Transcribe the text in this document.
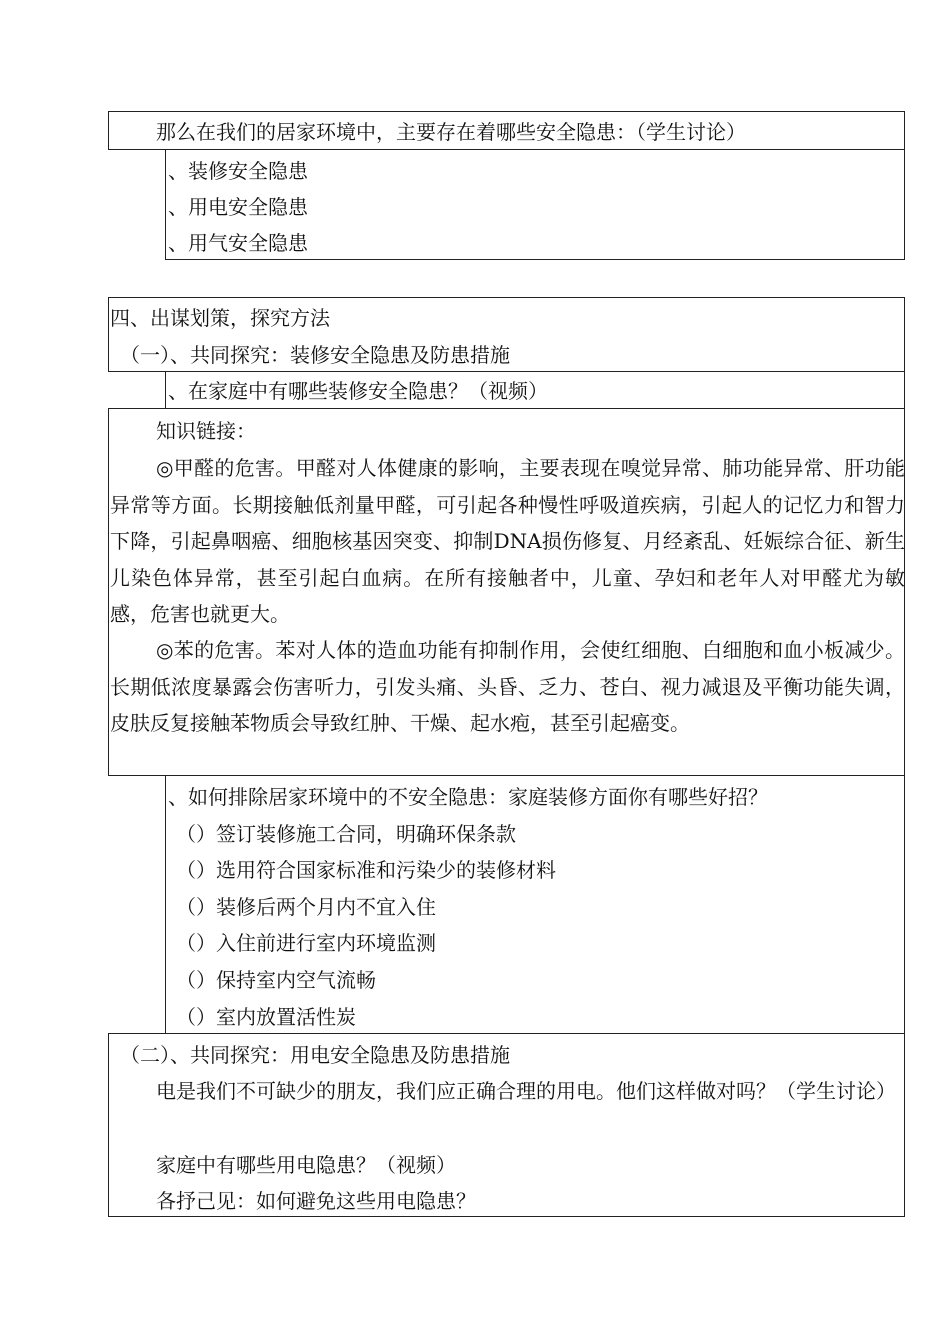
那么在我们的居家环境中，主要存在着哪些安全隐患：（学生讨论）
、装修安全隐患
、用电安全隐患
、用气安全隐患
四、出谋划策，探究方法
（一）、共同探究：装修安全隐患及防患措施
、在家庭中有哪些装修安全隐患？（视频）
知识链接：
◎甲醛的危害。甲醛对人体健康的影响，主要表现在嗅觉异常、肺功能异常、肝功能异常等方面。长期接触低剂量甲醛，可引起各种慢性呼吸道疾病，引起人的记忆力和智力下降，引起鼻咽癌、细胞核基因突变、抑制DNA损伤修复、月经紊乱、妊娠综合征、新生儿染色体异常，甚至引起白血病。在所有接触者中，儿童、孕妇和老年人对甲醛尤为敏感，危害也就更大。
◎苯的危害。苯对人体的造血功能有抑制作用，会使红细胞、白细胞和血小板减少。长期低浓度暴露会伤害听力，引发头痛、头昏、乏力、苍白、视力减退及平衡功能失调，皮肤反复接触苯物质会导致红肿、干燥、起水疱，甚至引起癌变。
、如何排除居家环境中的不安全隐患：家庭装修方面你有哪些好招？
（）签订装修施工合同，明确环保条款
（）选用符合国家标准和污染少的装修材料
（）装修后两个月内不宜入住
（）入住前进行室内环境监测
（）保持室内空气流畅
（）室内放置活性炭
（二）、共同探究：用电安全隐患及防患措施
电是我们不可缺少的朋友，我们应正确合理的用电。他们这样做对吗？（学生讨论）
家庭中有哪些用电隐患？（视频）
各抒己见：如何避免这些用电隐患？
